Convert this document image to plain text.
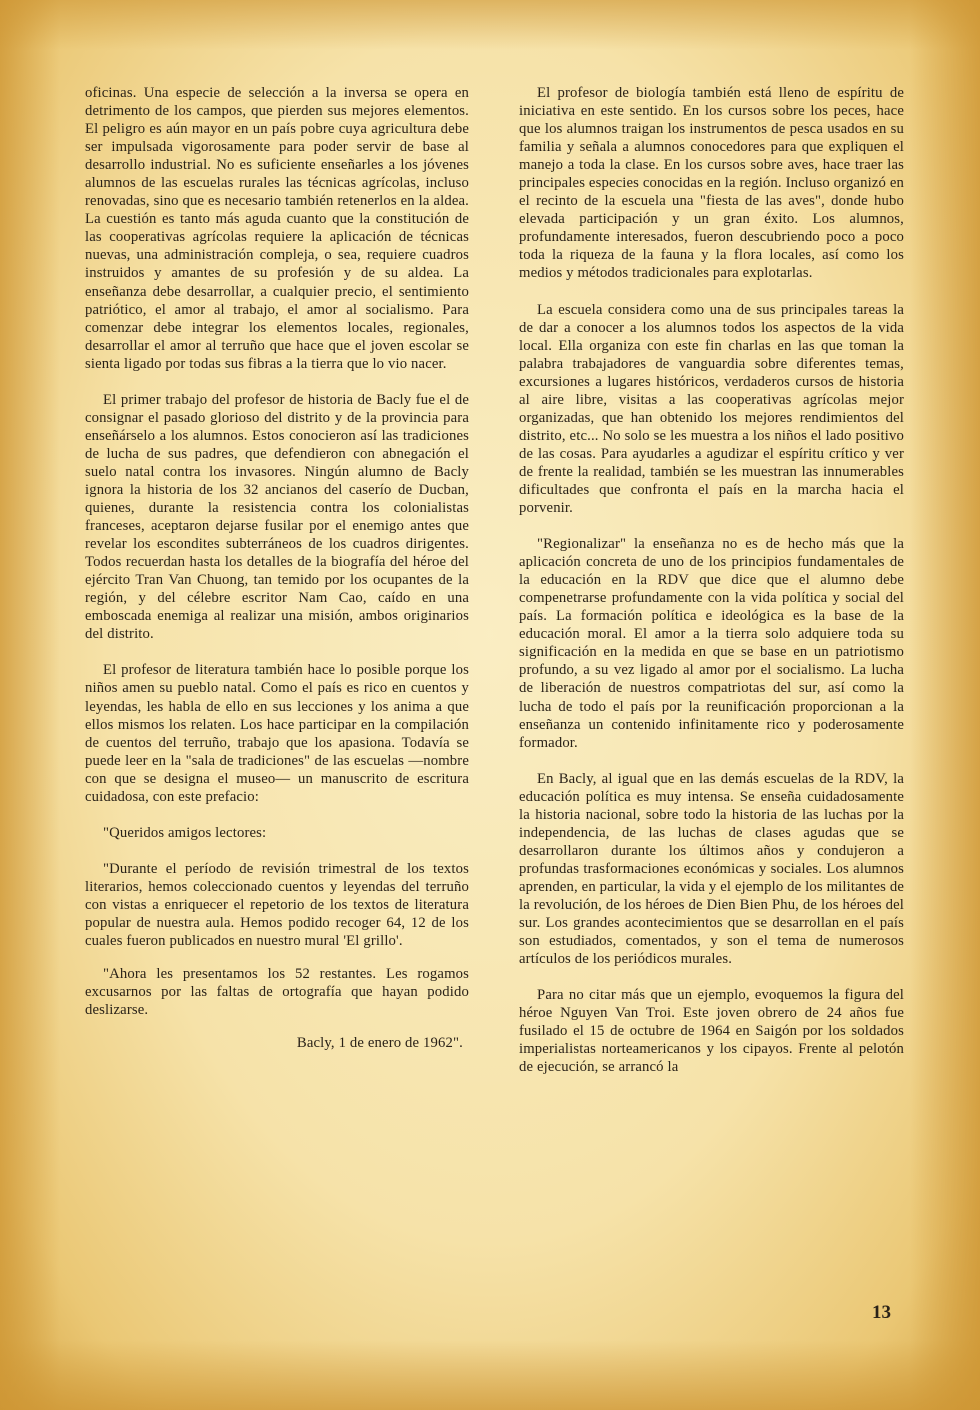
oficinas. Una especie de selección a la inversa se opera en detrimento de los campos, que pierden sus mejores elementos. El peligro es aún mayor en un país pobre cuya agricultura debe ser impulsada vigorosamente para poder servir de base al desarrollo industrial. No es suficiente enseñarles a los jóvenes alumnos de las escuelas rurales las técnicas agrícolas, incluso renovadas, sino que es necesario también retenerlos en la aldea. La cuestión es tanto más aguda cuanto que la constitución de las cooperativas agrícolas requiere la aplicación de técnicas nuevas, una administración compleja, o sea, requiere cuadros instruidos y amantes de su profesión y de su aldea. La enseñanza debe desarrollar, a cualquier precio, el sentimiento patriótico, el amor al trabajo, el amor al socialismo. Para comenzar debe integrar los elementos locales, regionales, desarrollar el amor al terruño que hace que el joven escolar se sienta ligado por todas sus fibras a la tierra que lo vio nacer.

El primer trabajo del profesor de historia de Bacly fue el de consignar el pasado glorioso del distrito y de la provincia para enseñárselo a los alumnos. Estos conocieron así las tradiciones de lucha de sus padres, que defendieron con abnegación el suelo natal contra los invasores. Ningún alumno de Bacly ignora la historia de los 32 ancianos del caserío de Ducban, quienes, durante la resistencia contra los colonialistas franceses, aceptaron dejarse fusilar por el enemigo antes que revelar los escondites subterráneos de los cuadros dirigentes. Todos recuerdan hasta los detalles de la biografía del héroe del ejército Tran Van Chuong, tan temido por los ocupantes de la región, y del célebre escritor Nam Cao, caído en una emboscada enemiga al realizar una misión, ambos originarios del distrito.

El profesor de literatura también hace lo posible porque los niños amen su pueblo natal. Como el país es rico en cuentos y leyendas, les habla de ello en sus lecciones y los anima a que ellos mismos los relaten. Los hace participar en la compilación de cuentos del terruño, trabajo que los apasiona. Todavía se puede leer en la "sala de tradiciones" de las escuelas —nombre con que se designa el museo— un manuscrito de escritura cuidadosa, con este prefacio:

"Queridos amigos lectores:

"Durante el período de revisión trimestral de los textos literarios, hemos coleccionado cuentos y leyendas del terruño con vistas a enriquecer el repetorio de los textos de literatura popular de nuestra aula. Hemos podido recoger 64, 12 de los cuales fueron publicados en nuestro mural 'El grillo'.

"Ahora les presentamos los 52 restantes. Les rogamos excusarnos por las faltas de ortografía que hayan podido deslizarse.

Bacly, 1 de enero de 1962".

El profesor de biología también está lleno de espíritu de iniciativa en este sentido. En los cursos sobre los peces, hace que los alumnos traigan los instrumentos de pesca usados en su familia y señala a alumnos conocedores para que expliquen el manejo a toda la clase. En los cursos sobre aves, hace traer las principales especies conocidas en la región. Incluso organizó en el recinto de la escuela una "fiesta de las aves", donde hubo elevada participación y un gran éxito. Los alumnos, profundamente interesados, fueron descubriendo poco a poco toda la riqueza de la fauna y la flora locales, así como los medios y métodos tradicionales para explotarlas.

La escuela considera como una de sus principales tareas la de dar a conocer a los alumnos todos los aspectos de la vida local. Ella organiza con este fin charlas en las que toman la palabra trabajadores de vanguardia sobre diferentes temas, excursiones a lugares históricos, verdaderos cursos de historia al aire libre, visitas a las cooperativas agrícolas mejor organizadas, que han obtenido los mejores rendimientos del distrito, etc... No solo se les muestra a los niños el lado positivo de las cosas. Para ayudarles a agudizar el espíritu crítico y ver de frente la realidad, también se les muestran las innumerables dificultades que confronta el país en la marcha hacia el porvenir.

"Regionalizar" la enseñanza no es de hecho más que la aplicación concreta de uno de los principios fundamentales de la educación en la RDV que dice que el alumno debe compenetrarse profundamente con la vida política y social del país. La formación política e ideológica es la base de la educación moral. El amor a la tierra solo adquiere toda su significación en la medida en que se base en un patriotismo profundo, a su vez ligado al amor por el socialismo. La lucha de liberación de nuestros compatriotas del sur, así como la lucha de todo el país por la reunificación proporcionan a la enseñanza un contenido infinitamente rico y poderosamente formador.

En Bacly, al igual que en las demás escuelas de la RDV, la educación política es muy intensa. Se enseña cuidadosamente la historia nacional, sobre todo la historia de las luchas por la independencia, de las luchas de clases agudas que se desarrollaron durante los últimos años y condujeron a profundas trasformaciones económicas y sociales. Los alumnos aprenden, en particular, la vida y el ejemplo de los militantes de la revolución, de los héroes de Dien Bien Phu, de los héroes del sur. Los grandes acontecimientos que se desarrollan en el país son estudiados, comentados, y son el tema de numerosos artículos de los periódicos murales.

Para no citar más que un ejemplo, evoquemos la figura del héroe Nguyen Van Troi. Este joven obrero de 24 años fue fusilado el 15 de octubre de 1964 en Saigón por los soldados imperialistas norteamericanos y los cipayos. Frente al pelotón de ejecución, se arrancó la

13
